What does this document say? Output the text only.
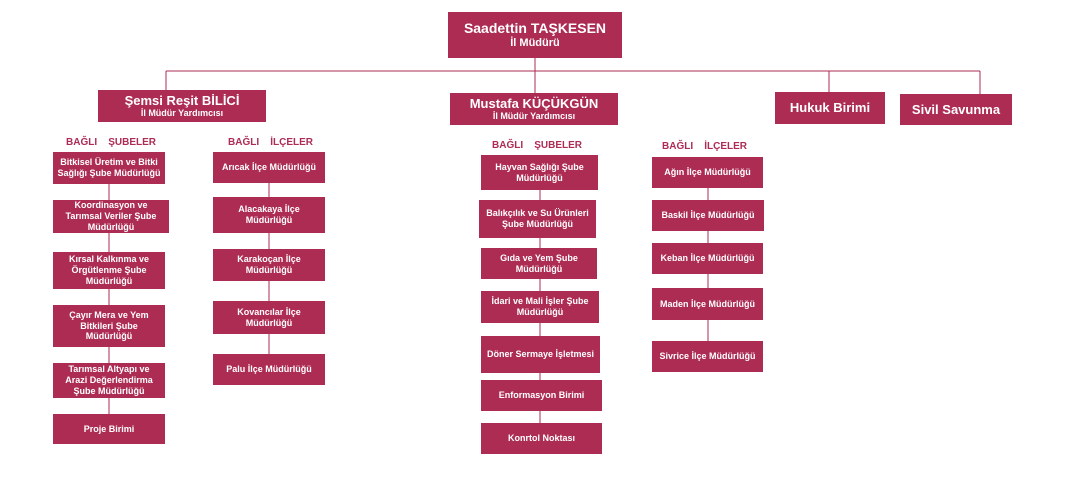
Saadettin TAŞKESEN
İl Müdürü
Şemsi Reşit BİLİCİ
İl Müdür Yardımcısı
Mustafa KÜÇÜKGÜN
İl Müdür Yardımcısı
Hukuk Birimi	Sivil Savunma
BAĞLI    ŞUBELER	BAĞLI    İLÇELER	BAĞLI    ŞUBELER	BAĞLI    İLÇELER
Bitkisel Üretim ve Bitki Sağlığı Şube Müdürlüğü
Koordinasyon ve Tarımsal Veriler Şube Müdürlüğü
Kırsal Kalkınma ve Örgütlenme Şube Müdürlüğü
Çayır Mera ve Yem Bitkileri Şube Müdürlüğü
Tarımsal Altyapı ve Arazi Değerlendirma Şube Müdürlüğü
Proje Birimi
Arıcak İlçe Müdürlüğü
Alacakaya İlçe Müdürlüğü
Karakoçan İlçe Müdürlüğü
Kovancılar İlçe Müdürlüğü
Palu İlçe Müdürlüğü
Hayvan Sağlığı Şube Müdürlüğü
Balıkçılık ve Su Ürünleri Şube Müdürlüğü
Gıda ve Yem Şube Müdürlüğü
İdari ve Mali İşler Şube Müdürlüğü
Döner Sermaye İşletmesi
Enformasyon Birimi
Konrtol Noktası
Ağın İlçe Müdürlüğü
Baskil İlçe Müdürlüğü
Keban İlçe Müdürlüğü
Maden İlçe Müdürlüğü
Sivrice İlçe Müdürlüğü
